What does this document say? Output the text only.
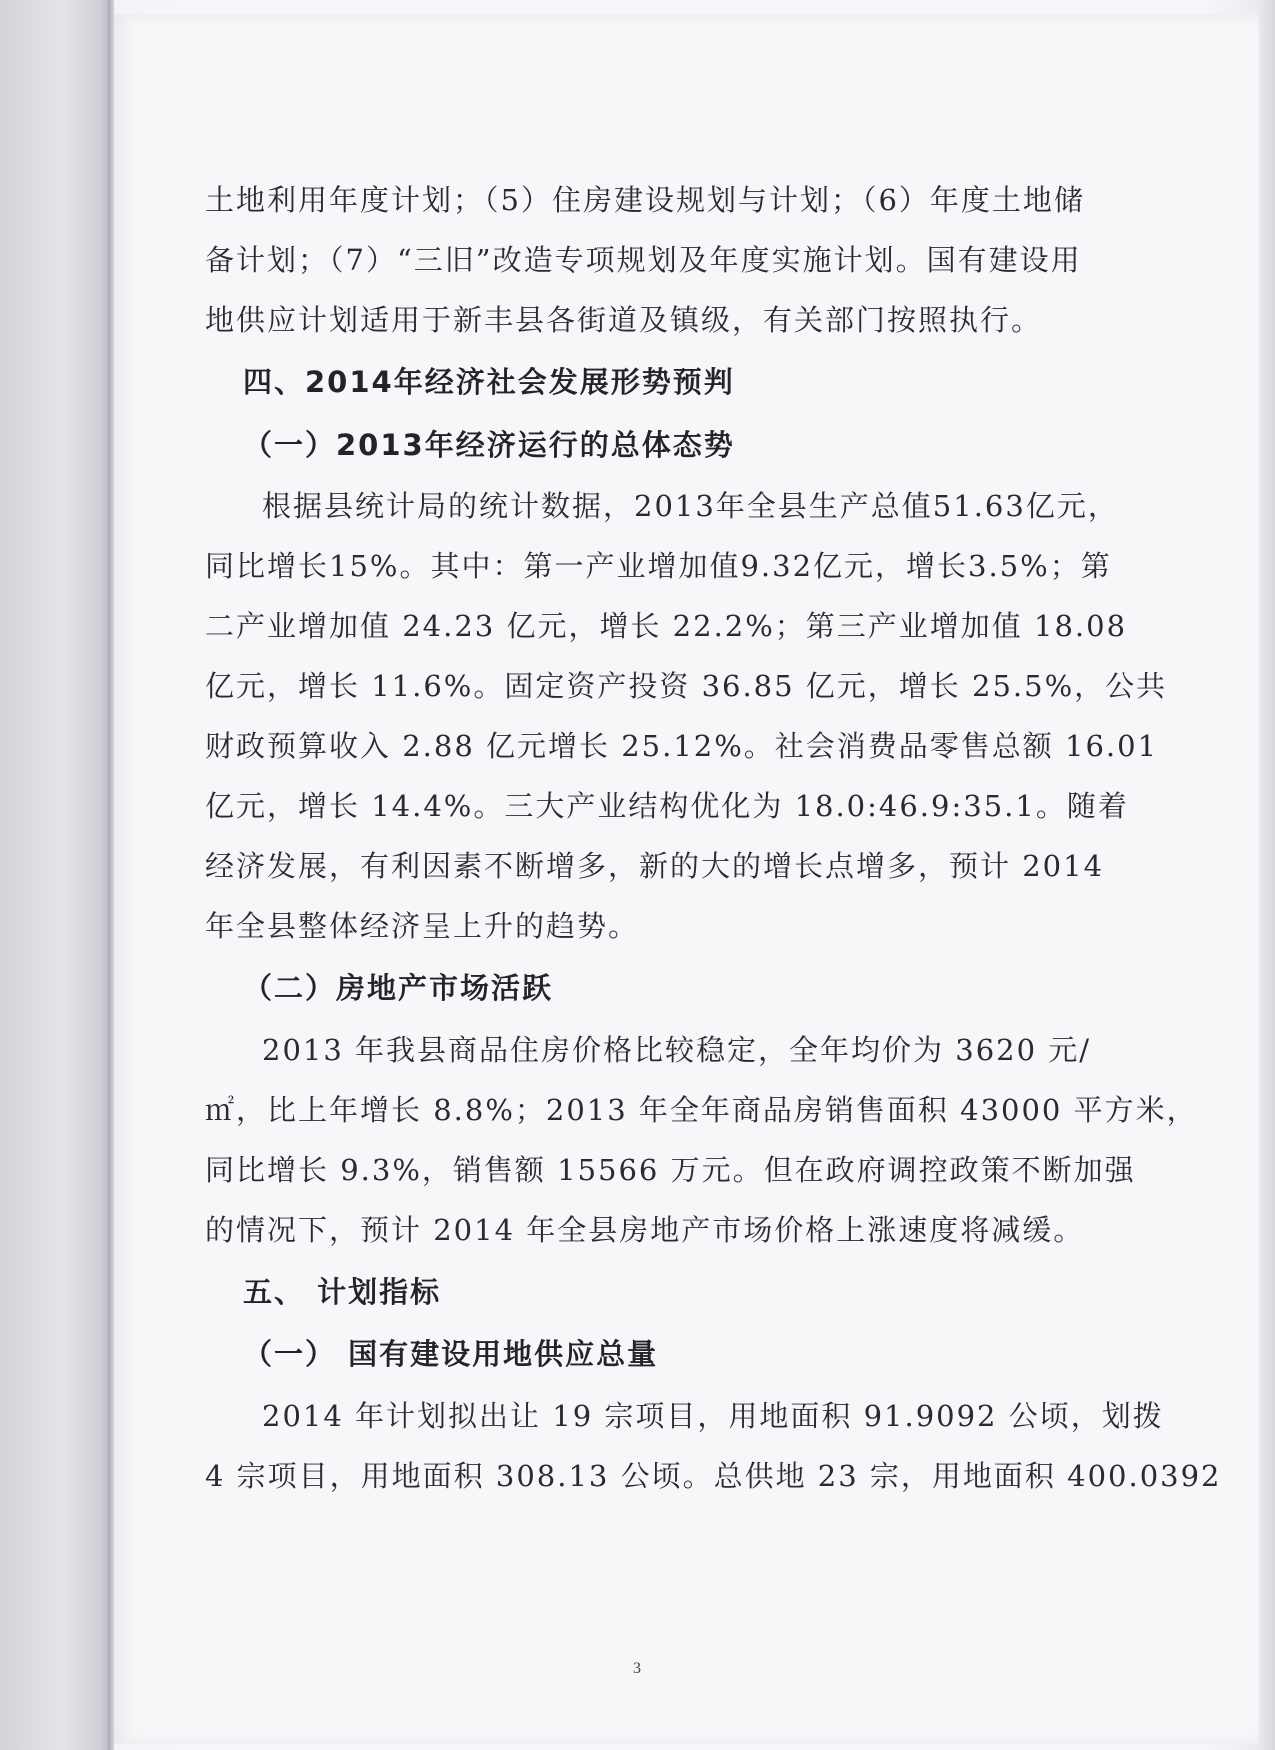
土地利用年度计划；（5）住房建设规划与计划；（6）年度土地储
备计划；（7）“三旧”改造专项规划及年度实施计划。国有建设用
地供应计划适用于新丰县各街道及镇级，有关部门按照执行。
四、2014年经济社会发展形势预判
（一）2013年经济运行的总体态势
根据县统计局的统计数据，2013年全县生产总值51.63亿元，
同比增长15%。其中：第一产业增加值9.32亿元，增长3.5%；第
二产业增加值 24.23 亿元，增长 22.2%；第三产业增加值 18.08
亿元，增长 11.6%。固定资产投资 36.85 亿元，增长 25.5%，公共
财政预算收入 2.88 亿元增长 25.12%。社会消费品零售总额 16.01
亿元，增长 14.4%。三大产业结构优化为 18.0:46.9:35.1。随着
经济发展，有利因素不断增多，新的大的增长点增多，预计 2014
年全县整体经济呈上升的趋势。
（二）房地产市场活跃
2013 年我县商品住房价格比较稳定，全年均价为 3620 元/
㎡，比上年增长 8.8%；2013 年全年商品房销售面积 43000 平方米，
同比增长 9.3%，销售额 15566 万元。但在政府调控政策不断加强
的情况下，预计 2014 年全县房地产市场价格上涨速度将减缓。
五、 计划指标
（一） 国有建设用地供应总量
2014 年计划拟出让 19 宗项目，用地面积 91.9092 公顷，划拨
4 宗项目，用地面积 308.13 公顷。总供地 23 宗，用地面积 400.0392
3
